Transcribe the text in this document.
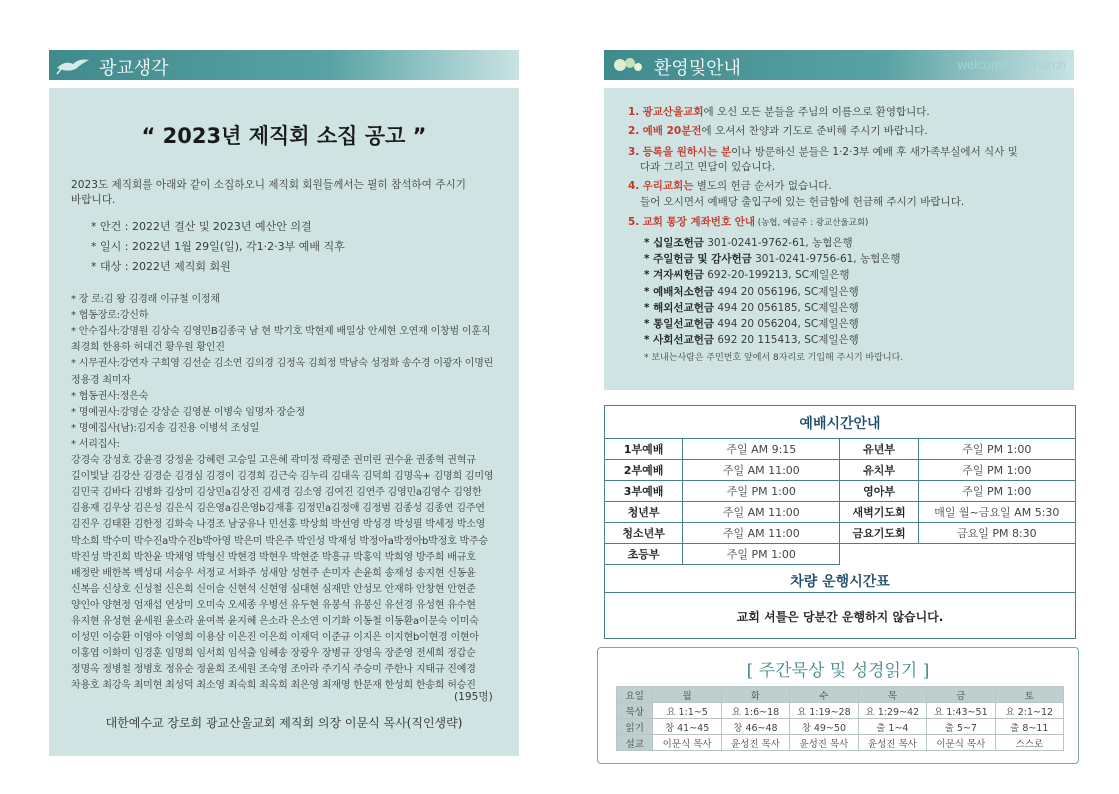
광교생각
“ 2023년 제직회 소집 공고 ”
2023도 제직회를 아래와 같이 소집하오니 제직회 회원들께서는 필히 참석하여 주시기
바랍니다.
* 안건 : 2022년 결산 및 2023년 예산안 의결
* 일시 : 2022년 1월 29일(일), 각1·2·3부 예배 직후
* 대상 : 2022년 제직회 회원
* 장 로:김 왕 김경래 이규철 이정채
* 협동장로:강신하
* 안수집사:강명원 김상숙 김영민B김종국 남 현 박기호 박현제 배일상 안세현 오연재 이창범 이훈직
최경희 한용하 허대건 황우원 황인진
* 시무권사:강연자 구희영 김선순 김소연 김의경 김정옥 김희정 박남숙 성정화 송수경 이광자 이명린
정용경 최미자
* 협동권사:정은숙
* 명예권사:강명순 강상순 김영분 이병숙 임명자 장순정
* 명예집사(남):김지송 김진용 이병석 조성일
* 서리집사:
강경숙 강성호 강윤경 강정윤 강혜련 고승일 고은혜 곽미정 곽평준 권미린 권수윤 권종혁 권혁규
길이빛날 김강산 김경순 김경심 김경이 김경희 김근숙 김누리 김대옥 김덕희 김명옥+ 김명희 김미영
김민국 김바다 김병화 김상미 김상민a김상진 김세경 김소영 김여진 김연주 김영민a김영수 김영한
김용재 김우상 김은성 김은식 김은영a김은영b김재홍 김정민a김정애 김정범 김종성 김종연 김주연
김진우 김태환 김한정 김화숙 나경조 남궁유나 민선홍 박상희 박선영 박성경 박성필 박세정 박소영
박소희 박수미 박수진a박수진b박아영 박은미 박은주 박인성 박재성 박정아a박정아b박정호 박주승
박진성 박진희 박찬윤 박채영 박형신 박현경 박현우 박현준 박흥규 박홍익 박희영 방주희 배규호
배정란 배한복 백성대 서승우 서정교 서화주 성새암 성현주 손미자 손윤희 송재성 송지현 신동윤
신복음 신상호 신성철 신은희 신이슬 신현석 신현영 심대현 심재만 안성모 안재하 안창현 안현준
양인아 양현정 엄재섭 연상미 오미숙 오세종 우병선 유두현 유봉석 유봉신 유선경 유성현 유수현
유지현 유성현 윤세원 윤소라 윤여복 윤지혜 은소라 은소연 이기화 이동철 이동환a이문숙 이미숙
이성민 이승환 이영아 이영희 이용삼 이은진 이은희 이재덕 이준규 이지은 이지현b이현경 이현아
이홍엽 이화미 임경훈 임명희 임서희 임석출 임혜송 장광우 장병규 장영옥 장준영 전세희 정갑순
정명옥 정병철 정병호 정유순 정윤희 조세원 조숙영 조아라 주기식 주승미 주한나 지태규 진예경
차용호 최강욱 최미현 최성덕 최소영 최숙희 최옥희 최은영 최재영 한문재 한성희 한송희 허승진
(195명)
대한예수교 장로회 광교산울교회 제직회 의장 이문식 목사(직인생략)
환영및안내	welcome to church
1. 광교산울교회에 오신 모든 분들을 주님의 이름으로 환영합니다.
2. 예배 20분전에 오셔서 찬양과 기도로 준비해 주시기 바랍니다.
3. 등록을 원하시는 분이나 방문하신 분들은 1·2·3부 예배 후 새가족부실에서 식사 및
다과 그리고 면담이 있습니다.
4. 우리교회는 별도의 헌금 순서가 없습니다.
들어 오시면서 예배당 출입구에 있는 헌금함에 헌금해 주시기 바랍니다.
5. 교회 통장 계좌번호 안내 (농협, 예금주 : 광교산울교회)
* 십일조헌금 301-0241-9762-61, 농협은행
* 주일헌금 및 감사헌금 301-0241-9756-61, 농협은행
* 겨자씨헌금 692-20-199213, SC제일은행
* 예배처소헌금 494 20 056196, SC제일은행
* 해외선교헌금 494 20 056185, SC제일은행
* 통일선교헌금 494 20 056204, SC제일은행
* 사회선교헌금 692 20 115413, SC제일은행
* 보내는사람은 주민번호 앞에서 8자리로 기입해 주시기 바랍니다.
예배시간안내
1부예배	주일 AM 9:15	유년부	주일 PM 1:00
2부예배	주일 AM 11:00	유치부	주일 PM 1:00
3부예배	주일 PM 1:00	영아부	주일 PM 1:00
청년부	주일 AM 11:00	새벽기도회	매일 월~금요일 AM 5:30
청소년부	주일 AM 11:00	금요기도회	금요일 PM 8:30
초등부	주일 PM 1:00		
차량 운행시간표
교회 셔틀은 당분간 운행하지 않습니다.
[ 주간묵상 및 성경읽기 ]
요일	월	화	수	목	금	토
묵상	요 1:1~5	요 1:6~18	요 1:19~28	요 1:29~42	요 1:43~51	요 2:1~12
읽기	창 41~45	창 46~48	창 49~50	출 1~4	출 5~7	출 8~11
설교	이문식 목사	윤성진 목사	윤성진 목사	윤성진 목사	이문식 목사	스스로
